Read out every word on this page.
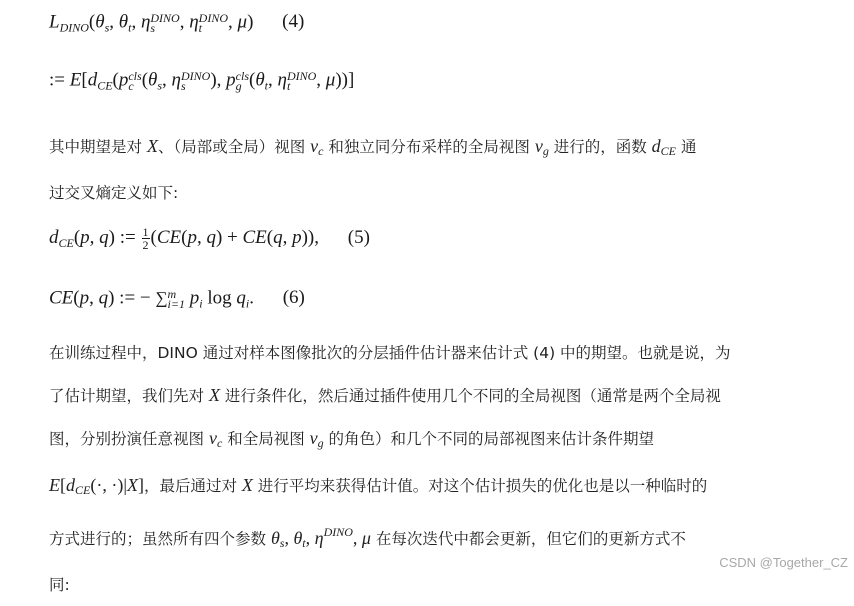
$L_{DINO}(\theta_s$, $\theta_t$, η DINO
s	, η DINO
t	, μ) (4)
:= $E[d_{CE}(p$ cls
c ($\theta_s$, η DINO
s	), p cls
g ($\theta_t$, η DINO
t	, μ))]
其中期望是对 X、（局部或全局）视图 $v_c$ 和独立同分布采样的全局视图 $v_g$ 进行的，函数 $d_{CE}$ 通
过交叉熵定义如下:
$d_{CE}(p$, q) := $\frac{1}{2} (CE(p$, q) + CE(q, p)), (5)
CE(p, q) := − ∑ m
i=1 $p_i$ $\log q_i$. (6)
在训练过程中，DINO 通过对样本图像批次的分层插件估计器来估计式 (4) 中的期望。也就是说，为
了估计期望，我们先对 X 进行条件化，然后通过插件使用几个不同的全局视图（通常是两个全局视
图，分别扮演任意视图 $v_c$ 和全局视图 $v_g$ 的角色）和几个不同的局部视图来估计条件期望
$E[d_{CE}(\cdot$, ·)|X]，最后通过对 X 进行平均来获得估计值。对这个估计损失的优化也是以一种临时的
方式进行的；虽然所有四个参数 $\theta_s$, $\theta_t$, $\eta^{DINO}$, μ 在每次迭代中都会更新，但它们的更新方式不
同:
CSDN @Together_CZ
